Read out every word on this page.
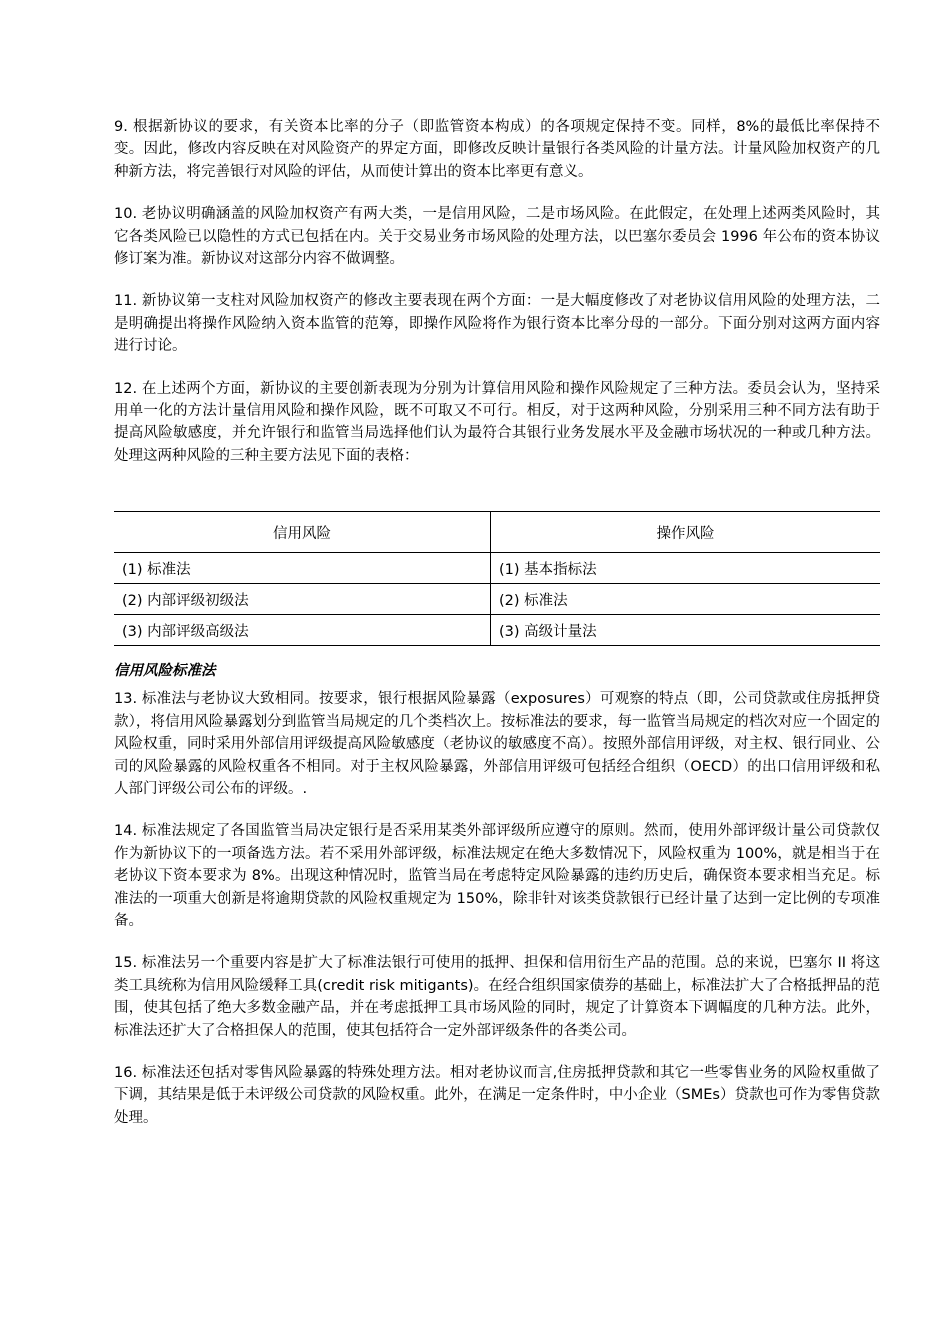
9. 根据新协议的要求，有关资本比率的分子（即监管资本构成）的各项规定保持不变。同样，8%的最低比率保持不变。因此，修改内容反映在对风险资产的界定方面，即修改反映计量银行各类风险的计量方法。计量风险加权资产的几种新方法，将完善银行对风险的评估，从而使计算出的资本比率更有意义。

10. 老协议明确涵盖的风险加权资产有两大类，一是信用风险，二是市场风险。在此假定，在处理上述两类风险时，其它各类风险已以隐性的方式已包括在内。关于交易业务市场风险的处理方法，以巴塞尔委员会 1996 年公布的资本协议修订案为准。新协议对这部分内容不做调整。

11. 新协议第一支柱对风险加权资产的修改主要表现在两个方面：一是大幅度修改了对老协议信用风险的处理方法，二是明确提出将操作风险纳入资本监管的范筹，即操作风险将作为银行资本比率分母的一部分。下面分别对这两方面内容进行讨论。

12. 在上述两个方面，新协议的主要创新表现为分别为计算信用风险和操作风险规定了三种方法。委员会认为，坚持采用单一化的方法计量信用风险和操作风险，既不可取又不可行。相反，对于这两种风险，分别采用三种不同方法有助于提高风险敏感度，并允许银行和监管当局选择他们认为最符合其银行业务发展水平及金融市场状况的一种或几种方法。处理这两种风险的三种主要方法见下面的表格：

信用风险	操作风险
(1) 标准法	(1) 基本指标法
(2) 内部评级初级法	(2) 标准法
(3) 内部评级高级法	(3) 高级计量法
信用风险标准法

13. 标准法与老协议大致相同。按要求，银行根据风险暴露（exposures）可观察的特点（即，公司贷款或住房抵押贷款），将信用风险暴露划分到监管当局规定的几个类档次上。按标准法的要求，每一监管当局规定的档次对应一个固定的风险权重，同时采用外部信用评级提高风险敏感度（老协议的敏感度不高）。按照外部信用评级，对主权、银行同业、公司的风险暴露的风险权重各不相同。对于主权风险暴露，外部信用评级可包括经合组织（OECD）的出口信用评级和私人部门评级公司公布的评级。.

14. 标准法规定了各国监管当局决定银行是否采用某类外部评级所应遵守的原则。然而，使用外部评级计量公司贷款仅作为新协议下的一项备选方法。若不采用外部评级，标准法规定在绝大多数情况下，风险权重为 100%，就是相当于在老协议下资本要求为 8%。出现这种情况时，监管当局在考虑特定风险暴露的违约历史后，确保资本要求相当充足。标准法的一项重大创新是将逾期贷款的风险权重规定为 150%，除非针对该类贷款银行已经计量了达到一定比例的专项准备。

15. 标准法另一个重要内容是扩大了标准法银行可使用的抵押、担保和信用衍生产品的范围。总的来说，巴塞尔 II 将这类工具统称为信用风险缓释工具(credit risk mitigants)。在经合组织国家债券的基础上，标准法扩大了合格抵押品的范围，使其包括了绝大多数金融产品，并在考虑抵押工具市场风险的同时，规定了计算资本下调幅度的几种方法。此外，标准法还扩大了合格担保人的范围，使其包括符合一定外部评级条件的各类公司。

16. 标准法还包括对零售风险暴露的特殊处理方法。相对老协议而言,住房抵押贷款和其它一些零售业务的风险权重做了下调，其结果是低于未评级公司贷款的风险权重。此外，在满足一定条件时，中小企业（SMEs）贷款也可作为零售贷款处理。
